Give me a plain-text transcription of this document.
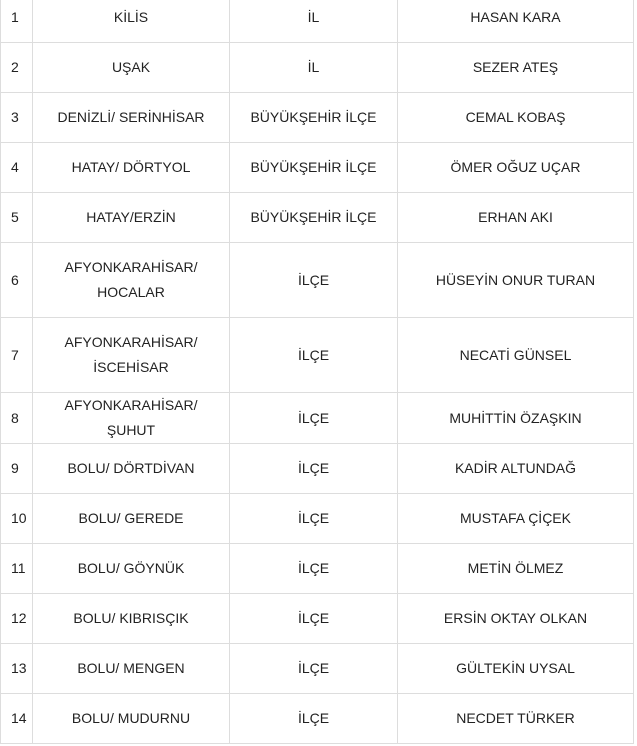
1	KİLİS	İL	HASAN KARA
2	UŞAK	İL	SEZER ATEŞ
3	DENİZLİ/ SERİNHİSAR	BÜYÜKŞEHİR İLÇE	CEMAL KOBAŞ
4	HATAY/ DÖRTYOL	BÜYÜKŞEHİR İLÇE	ÖMER OĞUZ UÇAR
5	HATAY/ERZİN	BÜYÜKŞEHİR İLÇE	ERHAN AKI
6	AFYONKARAHİSAR/ HOCALAR	İLÇE	HÜSEYİN ONUR TURAN
7	AFYONKARAHİSAR/ İSCEHİSAR	İLÇE	NECATİ GÜNSEL
8	AFYONKARAHİSAR/ ŞUHUT	İLÇE	MUHİTTİN ÖZAŞKIN
9	BOLU/ DÖRTDİVAN	İLÇE	KADİR ALTUNDAĞ
10	BOLU/ GEREDE	İLÇE	MUSTAFA ÇİÇEK
11	BOLU/ GÖYNÜK	İLÇE	METİN ÖLMEZ
12	BOLU/ KIBRISÇIK	İLÇE	ERSİN OKTAY OLKAN
13	BOLU/ MENGEN	İLÇE	GÜLTEKİN UYSAL
14	BOLU/ MUDURNU	İLÇE	NECDET TÜRKER
